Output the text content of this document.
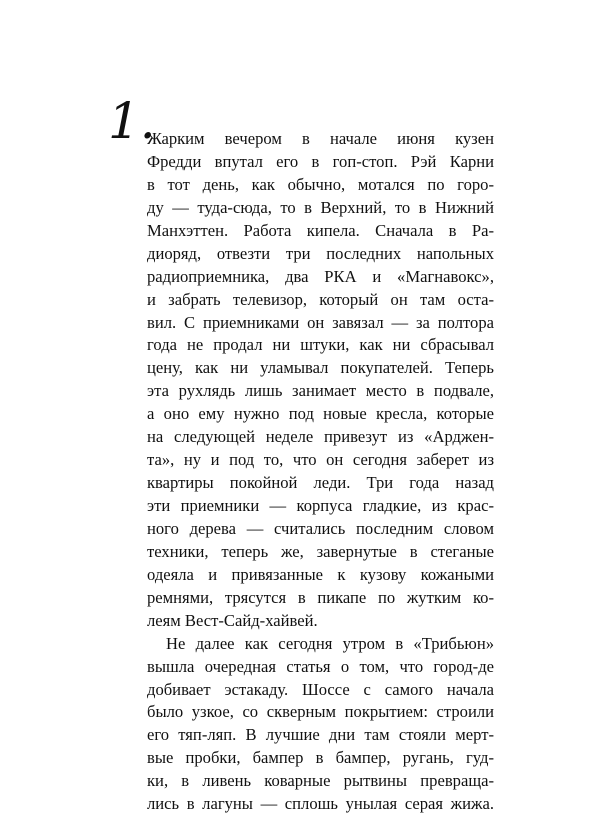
1.
Жарким вечером в начале июня кузен
Фредди впутал его в гоп-стоп. Рэй Карни
в тот день, как обычно, мотался по горо-
ду — туда-сюда, то в Верхний, то в Нижний
Манхэттен. Работа кипела. Сначала в Ра-
диоряд, отвезти три последних напольных
радиоприемника, два РКА и «Магнавокс»,
и забрать телевизор, который он там оста-
вил. С приемниками он завязал — за полтора
года не продал ни штуки, как ни сбрасывал
цену, как ни уламывал покупателей. Теперь
эта рухлядь лишь занимает место в подвале,
а оно ему нужно под новые кресла, которые
на следующей неделе привезут из «Арджен-
та», ну и под то, что он сегодня заберет из
квартиры покойной леди. Три года назад
эти приемники — корпуса гладкие, из крас-
ного дерева — считались последним словом
техники, теперь же, завернутые в стеганые
одеяла и привязанные к кузову кожаными
ремнями, трясутся в пикапе по жутким ко-
леям Вест-Сайд-хайвей.
Не далее как сегодня утром в «Трибьюн»
вышла очередная статья о том, что город-де
добивает эстакаду. Шоссе с самого начала
было узкое, со скверным покрытием: строили
его тяп-ляп. В лучшие дни там стояли мерт-
вые пробки, бампер в бампер, ругань, гуд-
ки, в ливень коварные рытвины превраща-
лись в лагуны — сплошь унылая серая жижа.
